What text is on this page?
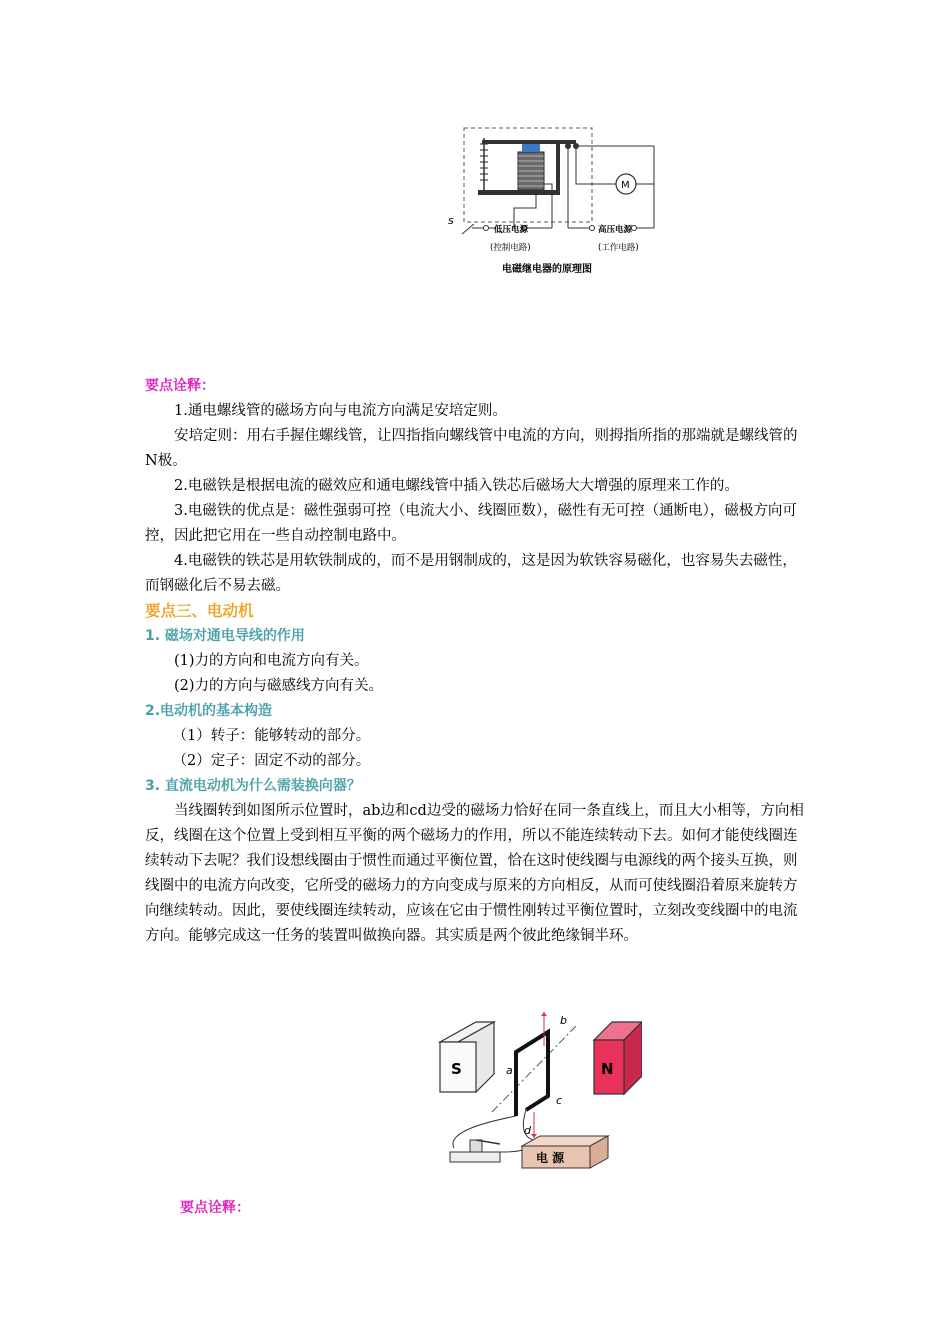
s
低压电源
(控制电路)
高压电源
(工作电路)
M
电磁继电器的原理图

要点诠释：

1.通电螺线管的磁场方向与电流方向满足安培定则。

安培定则：用右手握住螺线管，让四指指向螺线管中电流的方向，则拇指所指的那端就是螺线管的N极。

2.电磁铁是根据电流的磁效应和通电螺线管中插入铁芯后磁场大大增强的原理来工作的。

3.电磁铁的优点是：磁性强弱可控（电流大小、线圈匝数），磁性有无可控（通断电），磁极方向可控，因此把它用在一些自动控制电路中。

4.电磁铁的铁芯是用软铁制成的，而不是用钢制成的，这是因为软铁容易磁化，也容易失去磁性，而钢磁化后不易去磁。

要点三、电动机

1. 磁场对通电导线的作用

(1)力的方向和电流方向有关。

(2)力的方向与磁感线方向有关。

2.电动机的基本构造

（1）转子：能够转动的部分。

（2）定子：固定不动的部分。

3. 直流电动机为什么需装换向器？

当线圈转到如图所示位置时，ab边和cd边受的磁场力恰好在同一条直线上，而且大小相等，方向相反，线圈在这个位置上受到相互平衡的两个磁场力的作用，所以不能连续转动下去。如何才能使线圈连续转动下去呢？我们设想线圈由于惯性而通过平衡位置，恰在这时使线圈与电源线的两个接头互换，则线圈中的电流方向改变，它所受的磁场力的方向变成与原来的方向相反，从而可使线圈沿着原来旋转方向继续转动。因此，要使线圈连续转动，应该在它由于惯性刚转过平衡位置时，立刻改变线圈中的电流方向。能够完成这一任务的装置叫做换向器。其实质是两个彼此绝缘铜半环。

S	N
a
b
c
d
电 源

要点诠释：
